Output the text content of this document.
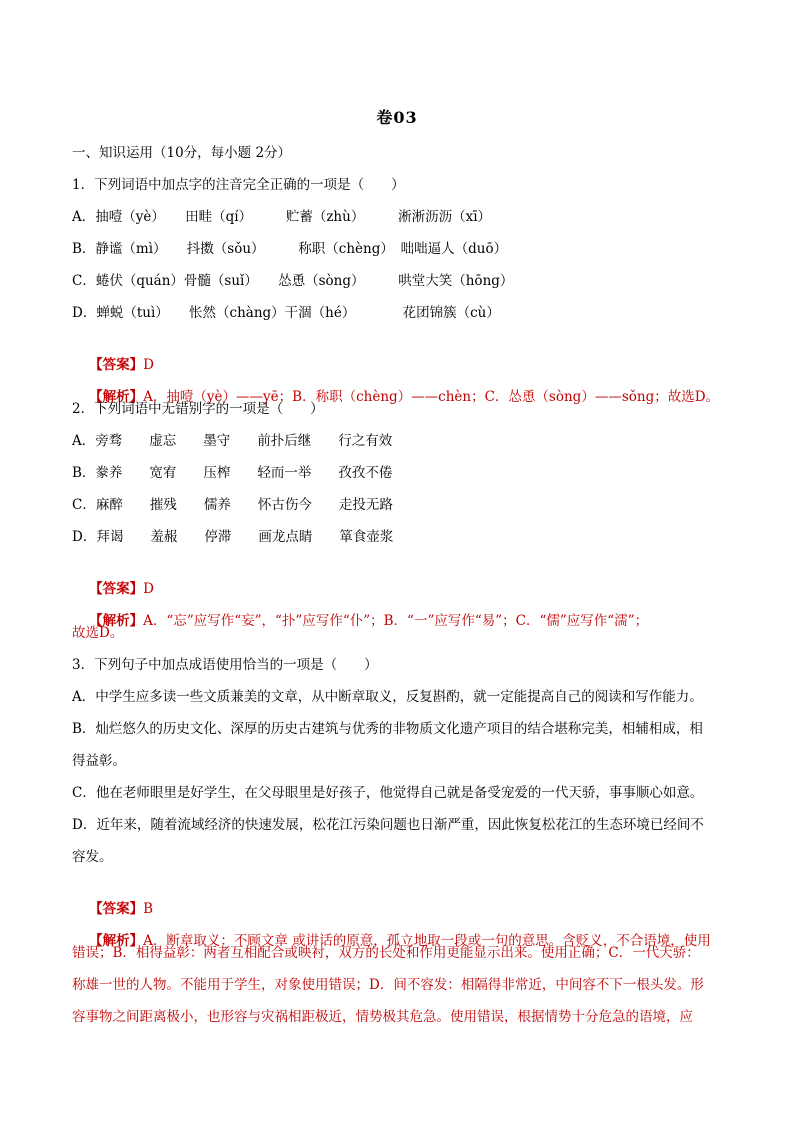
卷03
一、知识运用（10分，每小题 2分）
1．下列词语中加点字的注音完全正确的一项是（　　）
A．抽噎（yè）　　田畦（qí）　　　贮蓄（zhù）　　　淅淅沥沥（xī）
B．静谧（mì）　　抖擞（sǒu）　　　称职（chèng）　咄咄逼人（duō）
C．蜷伏（quán）骨髓（suǐ）　　怂恿（sòng）　　　哄堂大笑（hōng）
D．蝉蜕（tuì）　　怅然（chàng）干涸（hé）　　　　花团锦簇（cù）

【答案】D

【解析】A．抽噎（yè）——yē；B．称职（chèng）——chèn；C．怂恿（sòng）——sǒng；故选D。

2．下列词语中无错别字的一项是（　　）
A．旁骛　　虚忘　　墨守　　前扑后继　　行之有效
B．豢养　　宽宥　　压榨　　轻而一举　　孜孜不倦
C．麻醉　　摧残　　儒养　　怀古伤今　　走投无路
D．拜谒　　羞赧　　停滞　　画龙点睛　　箪食壶浆

【答案】D

【解析】A．“忘”应写作“妄”，“扑”应写作“仆”；B．“一”应写作“易”；C．“儒”应写作“濡”；

故选D。
3．下列句子中加点成语使用恰当的一项是（　　）
A．中学生应多读一些文质兼美的文章，从中断章取义，反复斟酌，就一定能提高自己的阅读和写作能力。
B．灿烂悠久的历史文化、深厚的历史古建筑与优秀的非物质文化遗产项目的结合堪称完美，相辅相成，相
得益彰。
C．他在老师眼里是好学生，在父母眼里是好孩子，他觉得自己就是备受宠爱的一代天骄，事事顺心如意。
D．近年来，随着流域经济的快速发展，松花江污染问题也日渐严重，因此恢复松花江的生态环境已经间不
容发。

【答案】B

【解析】A．断章取义：不顾文章 或讲话的原意，孤立地取一段或一句的意思。含贬义，不合语境，使用

错误；B．相得益彰：两者互相配合或映衬，双方的长处和作用更能显示出来。使用正确；C．一代天骄：
称雄一世的人物。不能用于学生，对象使用错误；D．间不容发：相隔得非常近，中间容不下一根头发。形
容事物之间距离极小，也形容与灾祸相距极近，情势极其危急。使用错误，根据情势十分危急的语境，应
